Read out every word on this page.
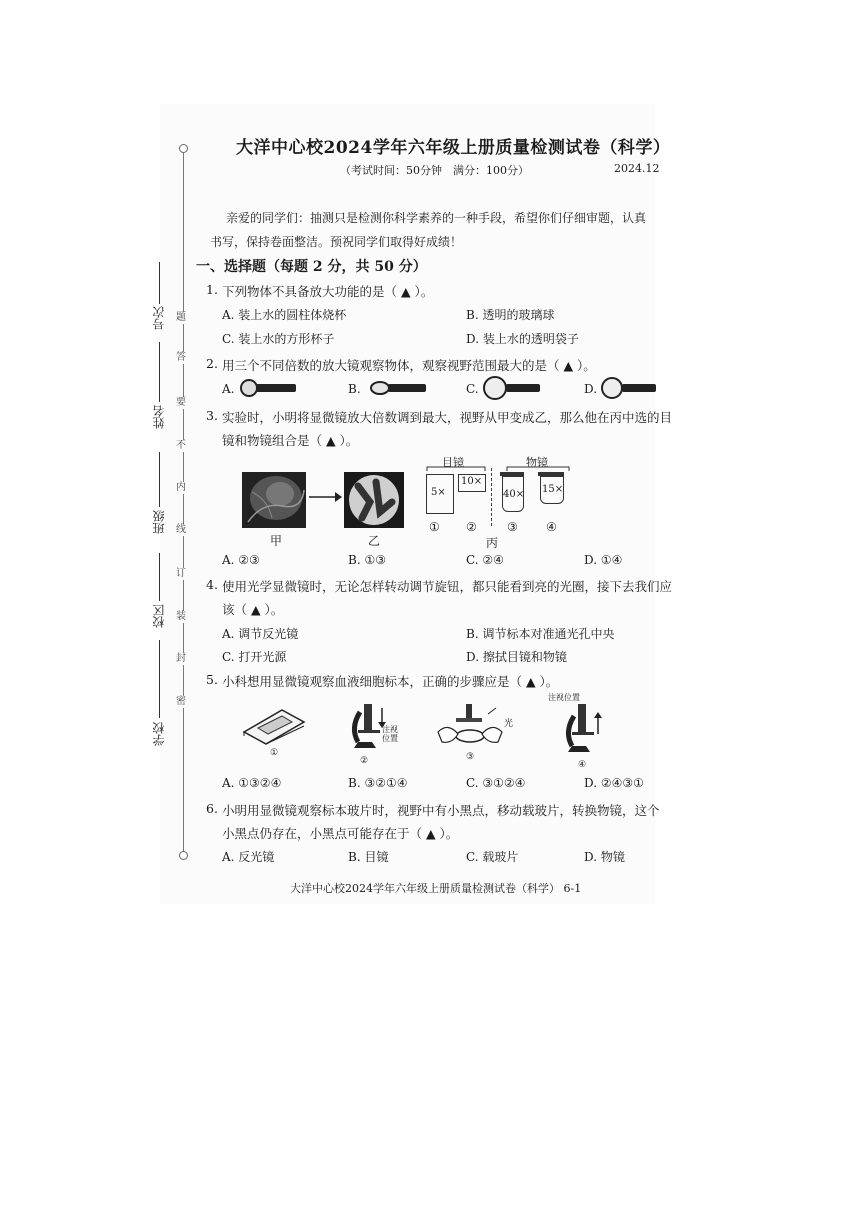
题
答
要
不
内
线
订
装
封
密
号次
姓名
班级
校区
学校
大洋中心校2024学年六年级上册质量检测试卷（科学）
（考试时间：50分钟　满分：100分）	2024.12
亲爱的同学们：抽测只是检测你科学素养的一种手段，希望你们仔细审题，认真书写，保持卷面整洁。预祝同学们取得好成绩！
一、选择题（每题 2 分，共 50 分）
1. 下列物体不具备放大功能的是（ ▲ ）。
A. 装上水的圆柱体烧杯	B. 透明的玻璃球
C. 装上水的方形杯子	D. 装上水的透明袋子
2. 用三个不同倍数的放大镜观察物体，观察视野范围最大的是（ ▲ ）。
A.	B.	C.	D.
3. 实验时，小明将显微镜放大倍数调到最大，视野从甲变成乙，那么他在丙中选的目
镜和物镜组合是（ ▲ ）。
甲	乙
目镜	物镜
5×
10×
40× 15×
① ②	③ ④
丙
A. ②③	B. ①③	C. ②④	D. ①④
4. 使用光学显微镜时，无论怎样转动调节旋钮，都只能看到亮的光圈，接下去我们应
该（ ▲ ）。
A. 调节反光镜	B. 调节标本对准通光孔中央
C. 打开光源	D. 擦拭目镜和物镜
5. 小科想用显微镜观察血液细胞标本，正确的步骤应是（ ▲ ）。
①
注视位置
②
光
③
注视位置
④
A. ①③②④	B. ③②①④	C. ③①②④	D. ②④③①
6. 小明用显微镜观察标本玻片时，视野中有小黑点，移动载玻片，转换物镜，这个
小黑点仍存在，小黑点可能存在于（ ▲ ）。
A. 反光镜	B. 目镜	C. 载玻片	D. 物镜
大洋中心校2024学年六年级上册质量检测试卷（科学） 6-1
